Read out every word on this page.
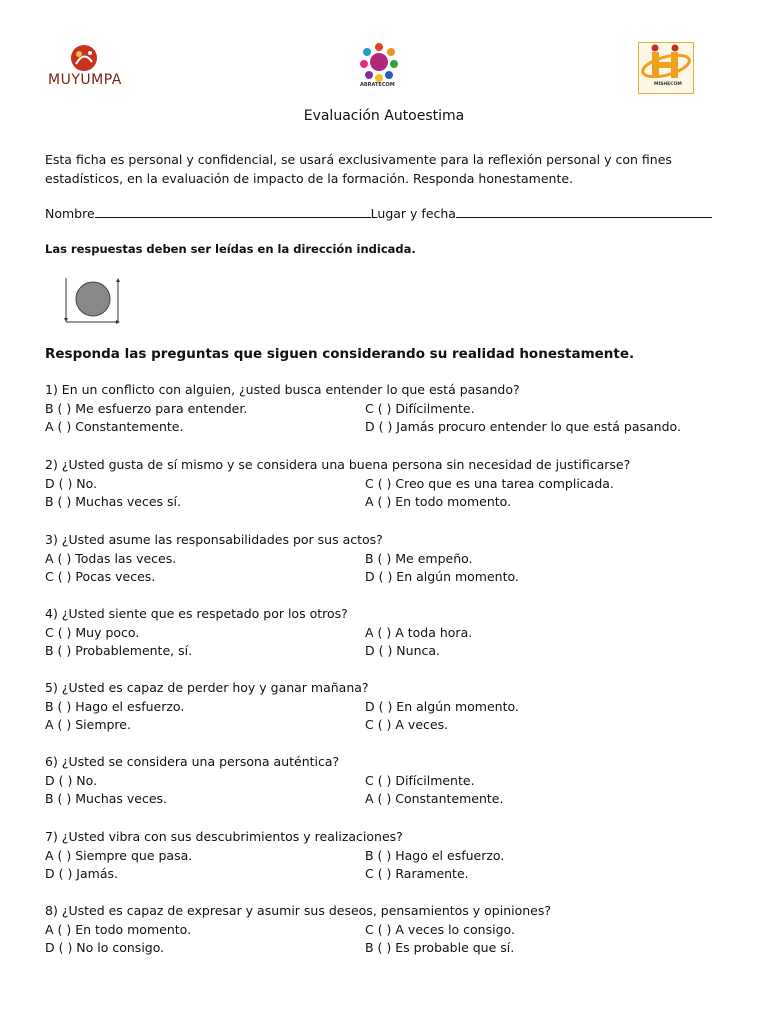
MUYUMPA	ABRATECOM	MISHECOM
Evaluación Autoestima
Esta ficha es personal y confidencial, se usará exclusivamente para la reflexión personal y con fines
estadísticos, en la evaluación de impacto de la formación. Responda honestamente.
Nombre	Lugar y fecha
Las respuestas deben ser leídas en la dirección indicada.
Responda las preguntas que siguen considerando su realidad honestamente.
1) En un conflicto con alguien, ¿usted busca entender lo que está pasando?
B ( ) Me esfuerzo para entender.	C ( ) Difícilmente.
A ( ) Constantemente.	D ( ) Jamás procuro entender lo que está pasando.
2) ¿Usted gusta de sí mismo y se considera una buena persona sin necesidad de justificarse?
D ( ) No.	C ( ) Creo que es una tarea complicada.
B ( ) Muchas veces sí.	A ( ) En todo momento.
3) ¿Usted asume las responsabilidades por sus actos?
A ( ) Todas las veces.	B ( ) Me empeño.
C ( ) Pocas veces.	D ( ) En algún momento.
4) ¿Usted siente que es respetado por los otros?
C ( ) Muy poco.	A ( ) A toda hora.
B ( ) Probablemente, sí.	D ( ) Nunca.
5) ¿Usted es capaz de perder hoy y ganar mañana?
B ( ) Hago el esfuerzo.	D ( ) En algún momento.
A ( ) Siempre.	C ( ) A veces.
6) ¿Usted se considera una persona auténtica?
D ( ) No.	C ( ) Difícilmente.
B ( ) Muchas veces.	A ( ) Constantemente.
7) ¿Usted vibra con sus descubrimientos y realizaciones?
A ( ) Siempre que pasa.	B ( ) Hago el esfuerzo.
D ( ) Jamás.	C ( ) Raramente.
8) ¿Usted es capaz de expresar y asumir sus deseos, pensamientos y opiniones?
A ( ) En todo momento.	C ( ) A veces lo consigo.
D ( ) No lo consigo.	B ( ) Es probable que sí.
